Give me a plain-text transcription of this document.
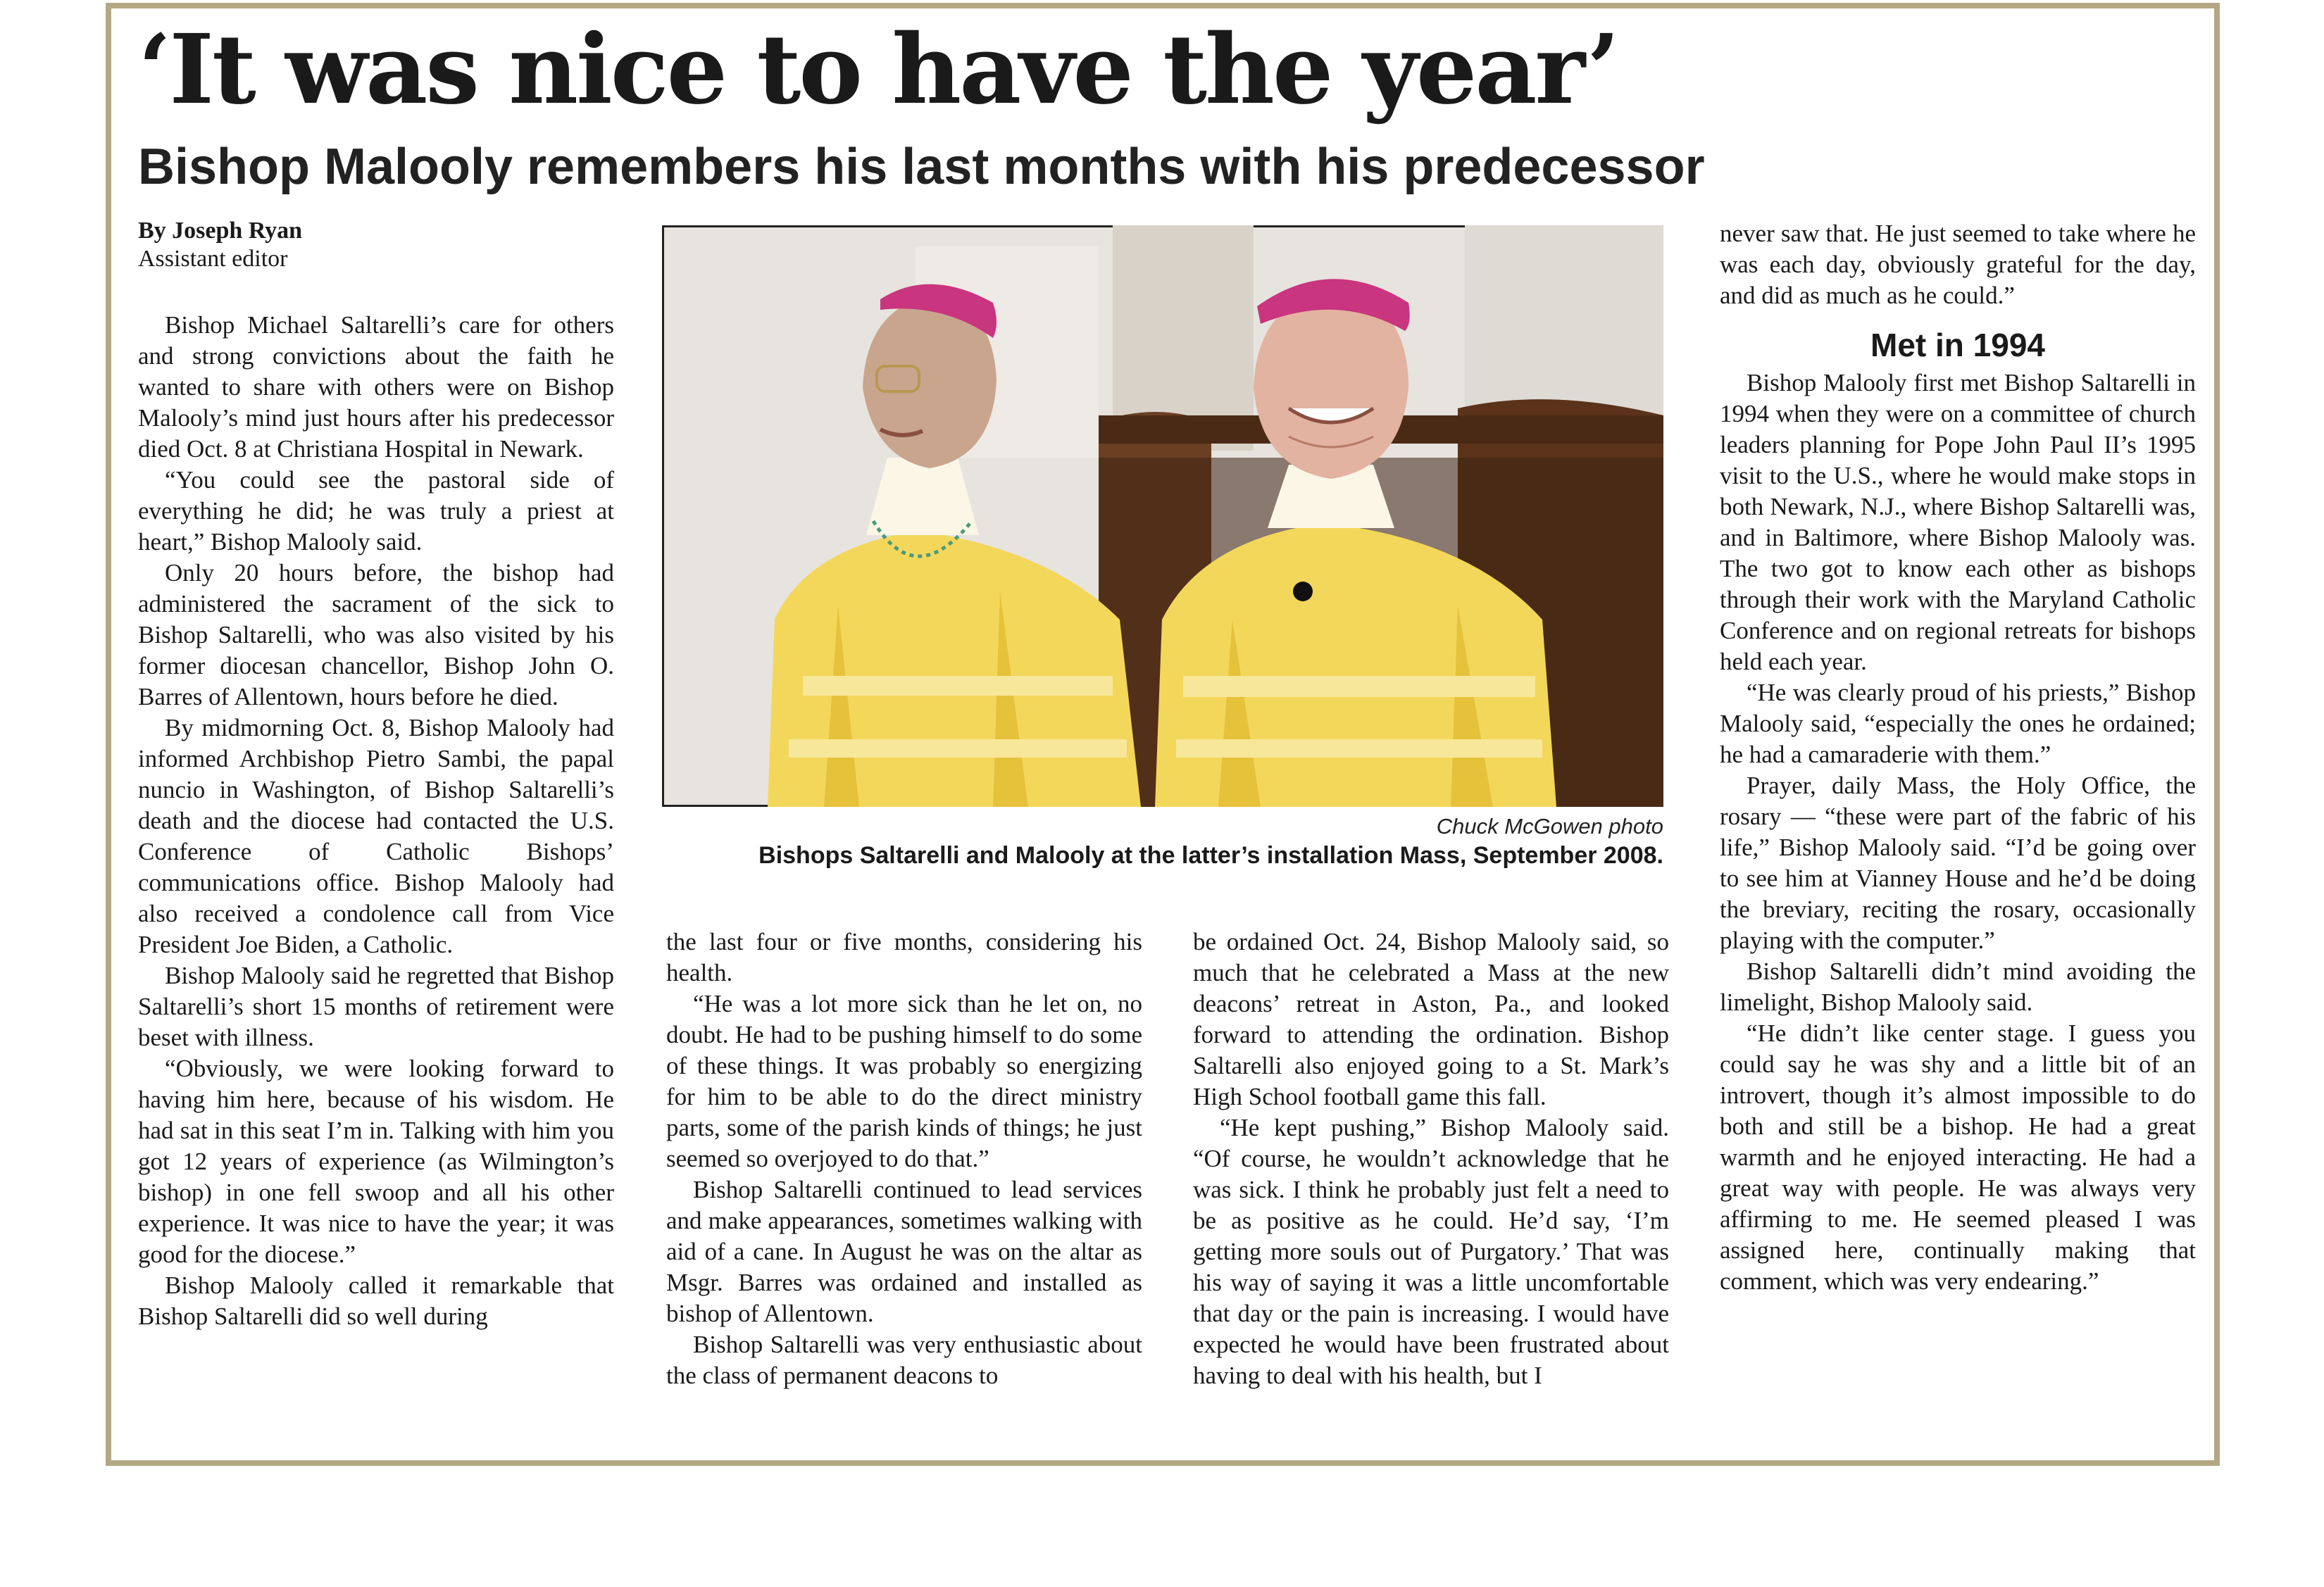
‘It was nice to have the year’
Bishop Malooly remembers his last months with his predecessor
By Joseph Ryan
Assistant editor

Bishop Michael Saltarelli’s care for others and strong convictions about the faith he wanted to share with others were on Bishop Malooly’s mind just hours after his predecessor died Oct. 8 at Christiana Hospital in Newark.

“You could see the pastoral side of everything he did; he was truly a priest at heart,” Bishop Malooly said.

Only 20 hours before, the bishop had administered the sacrament of the sick to Bishop Saltarelli, who was also visited by his former diocesan chancellor, Bishop John O. Barres of Allentown, hours before he died.

By midmorning Oct. 8, Bishop Malooly had informed Archbishop Pietro Sambi, the papal nuncio in Washington, of Bishop Saltarelli’s death and the diocese had contacted the U.S. Conference of Catholic Bishops’ communications office. Bishop Malooly had also received a condolence call from Vice President Joe Biden, a Catholic.

Bishop Malooly said he regretted that Bishop Saltarelli’s short 15 months of retirement were beset with illness.

“Obviously, we were looking forward to having him here, because of his wisdom. He had sat in this seat I’m in. Talking with him you got 12 years of experience (as Wilmington’s bishop) in one fell swoop and all his other experience. It was nice to have the year; it was good for the diocese.”

Bishop Malooly called it remarkable that Bishop Saltarelli did so well during

Chuck McGowen photo
Bishops Saltarelli and Malooly at the latter’s installation Mass, September 2008.

the last four or five months, considering his health.

“He was a lot more sick than he let on, no doubt. He had to be pushing himself to do some of these things. It was probably so energizing for him to be able to do the direct ministry parts, some of the parish kinds of things; he just seemed so overjoyed to do that.”

Bishop Saltarelli continued to lead services and make appearances, sometimes walking with aid of a cane. In August he was on the altar as Msgr. Barres was ordained and installed as bishop of Allentown.

Bishop Saltarelli was very enthusiastic about the class of permanent deacons to

be ordained Oct. 24, Bishop Malooly said, so much that he celebrated a Mass at the new deacons’ retreat in Aston, Pa., and looked forward to attending the ordination. Bishop Saltarelli also enjoyed going to a St. Mark’s High School football game this fall.

“He kept pushing,” Bishop Malooly said. “Of course, he wouldn’t acknowledge that he was sick. I think he probably just felt a need to be as positive as he could. He’d say, ‘I’m getting more souls out of Purgatory.’ That was his way of saying it was a little uncomfortable that day or the pain is increasing. I would have expected he would have been frustrated about having to deal with his health, but I

never saw that. He just seemed to take where he was each day, obviously grateful for the day, and did as much as he could.”

Met in 1994

Bishop Malooly first met Bishop Saltarelli in 1994 when they were on a committee of church leaders planning for Pope John Paul II’s 1995 visit to the U.S., where he would make stops in both Newark, N.J., where Bishop Saltarelli was, and in Baltimore, where Bishop Malooly was. The two got to know each other as bishops through their work with the Maryland Catholic Conference and on regional retreats for bishops held each year.

“He was clearly proud of his priests,” Bishop Malooly said, “especially the ones he ordained; he had a camaraderie with them.”

Prayer, daily Mass, the Holy Office, the rosary — “these were part of the fabric of his life,” Bishop Malooly said. “I’d be going over to see him at Vianney House and he’d be doing the breviary, reciting the rosary, occasionally playing with the computer.”

Bishop Saltarelli didn’t mind avoiding the limelight, Bishop Malooly said.

“He didn’t like center stage. I guess you could say he was shy and a little bit of an introvert, though it’s almost impossible to do both and still be a bishop. He had a great warmth and he enjoyed interacting. He had a great way with people. He was always very affirming to me. He seemed pleased I was assigned here, continually making that comment, which was very endearing.”
